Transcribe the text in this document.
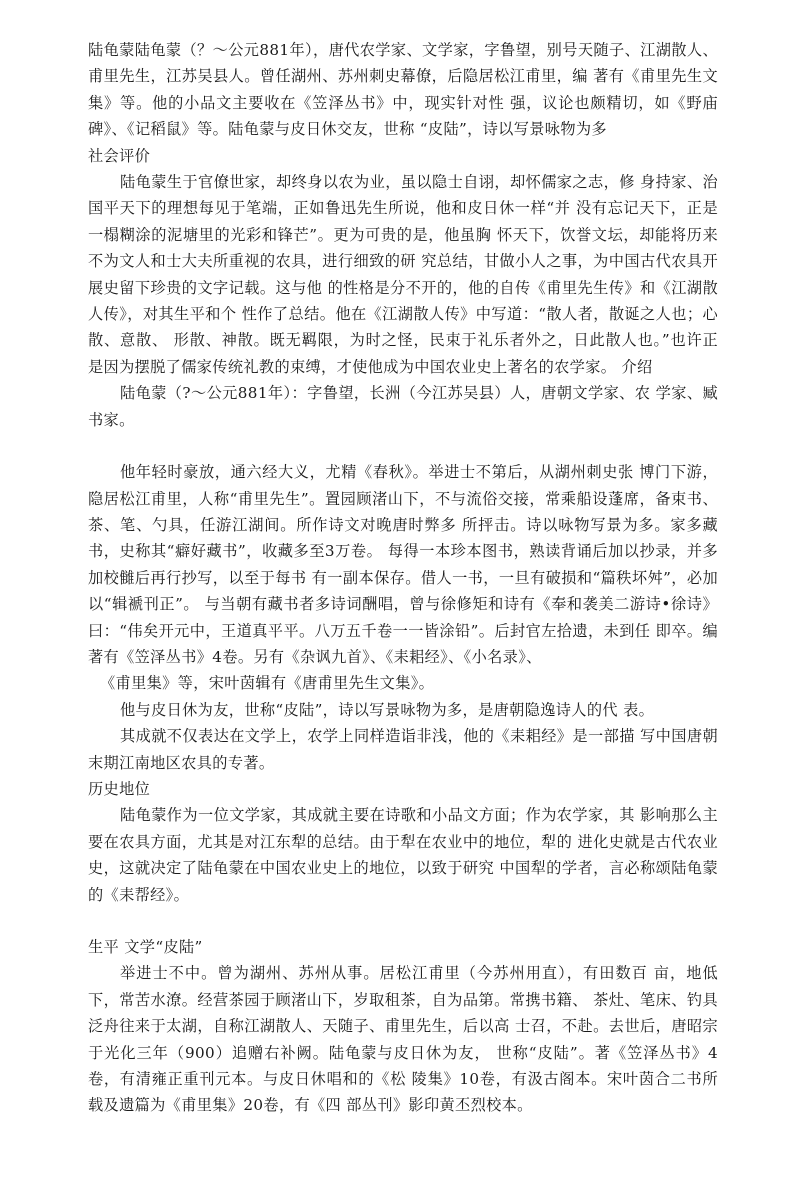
陆龟蒙陆龟蒙（？～公元881年），唐代农学家、文学家，字鲁望，别号天随子、江湖散人、甫里先生，江苏吴县人。曾任湖州、苏州刺史幕僚，后隐居松江甫里，编 著有《甫里先生文集》等。他的小品文主要收在《笠泽丛书》中，现实针对性 强，议论也颇精切，如《野庙碑》、《记稻鼠》等。陆龟蒙与皮日休交友，世称 “皮陆”，诗以写景咏物为多

社会评价

陆龟蒙生于官僚世家，却终身以农为业，虽以隐士自诩，却怀儒家之志，修 身持家、治国平天下的理想每见于笔端，正如鲁迅先生所说，他和皮日休一样“并 没有忘记天下，正是一榻糊涂的泥塘里的光彩和锋芒”。更为可贵的是，他虽胸 怀天下，饮誉文坛，却能将历来不为文人和士大夫所重视的农具，进行细致的研 究总结，甘做小人之事，为中国古代农具开展史留下珍贵的文字记载。这与他 的性格是分不开的，他的自传《甫里先生传》和《江湖散人传》，对其生平和个 性作了总结。他在《江湖散人传》中写道：“散人者，散诞之人也；心散、意散、 形散、神散。既无羁限，为时之怪，民束于礼乐者外之，日此散人也。”也许正 是因为摆脱了儒家传统礼教的束缚，才使他成为中国农业史上著名的农学家。 介绍

陆龟蒙（?～公元881年）：字鲁望，长洲（今江苏吴县）人，唐朝文学家、农 学家、臧书家。

他年轻时豪放，通六经大义，尤精《春秋》。举进士不第后，从湖州刺史张 博门下游，隐居松江甫里，人称“甫里先生”。置园顾渚山下，不与流俗交接，常乘船设蓬席，备束书、茶、笔、勺具，任游江湖间。所作诗文对晚唐时弊多 所抨击。诗以咏物写景为多。家多藏书，史称其“癖好藏书”，收藏多至3万卷。 每得一本珍本图书，熟读背诵后加以抄录，并多加校雠后再行抄写，以至于每书 有一副本保存。借人一书，一旦有破损和“篇秩坏舛”，必加以“辑褫刊正”。 与当朝有藏书者多诗词酬唱，曾与徐修矩和诗有《奉和袭美二游诗•徐诗》曰：“伟矣开元中，王道真平平。八万五千卷一一皆涂铅”。后封官左拾遗，未到任 即卒。编著有《笠泽丛书》4卷。另有《杂讽九首》、《耒耜经》、《小名录》、

《甫里集》等，宋叶茵辑有《唐甫里先生文集》。

他与皮日休为友，世称“皮陆”，诗以写景咏物为多，是唐朝隐逸诗人的代 表。

其成就不仅表达在文学上，农学上同样造诣非浅，他的《耒耜经》是一部描 写中国唐朝末期江南地区农具的专著。

历史地位

陆龟蒙作为一位文学家，其成就主要在诗歌和小品文方面；作为农学家，其 影响那么主要在农具方面，尤其是对江东犁的总结。由于犁在农业中的地位，犁的 进化史就是古代农业史，这就决定了陆龟蒙在中国农业史上的地位，以致于研究 中国犁的学者，言必称颂陆龟蒙的《耒帮经》。

生平 文学“皮陆”

举进士不中。曾为湖州、苏州从事。居松江甫里（今苏州用直），有田数百 亩，地低下，常苦水潦。经营茶园于顾渚山下，岁取租茶，自为品第。常携书籍、 茶灶、笔床、钓具泛舟往来于太湖，自称江湖散人、天随子、甫里先生，后以高 士召，不赴。去世后，唐昭宗于光化三年（900）追赠右补阙。陆龟蒙与皮日休为友， 世称“皮陆”。著《笠泽丛书》4卷，有清雍正重刊元本。与皮日休唱和的《松 陵集》10卷，有汲古阁本。宋叶茵合二书所载及遗篇为《甫里集》20卷，有《四 部丛刊》影印黄丕烈校本。
